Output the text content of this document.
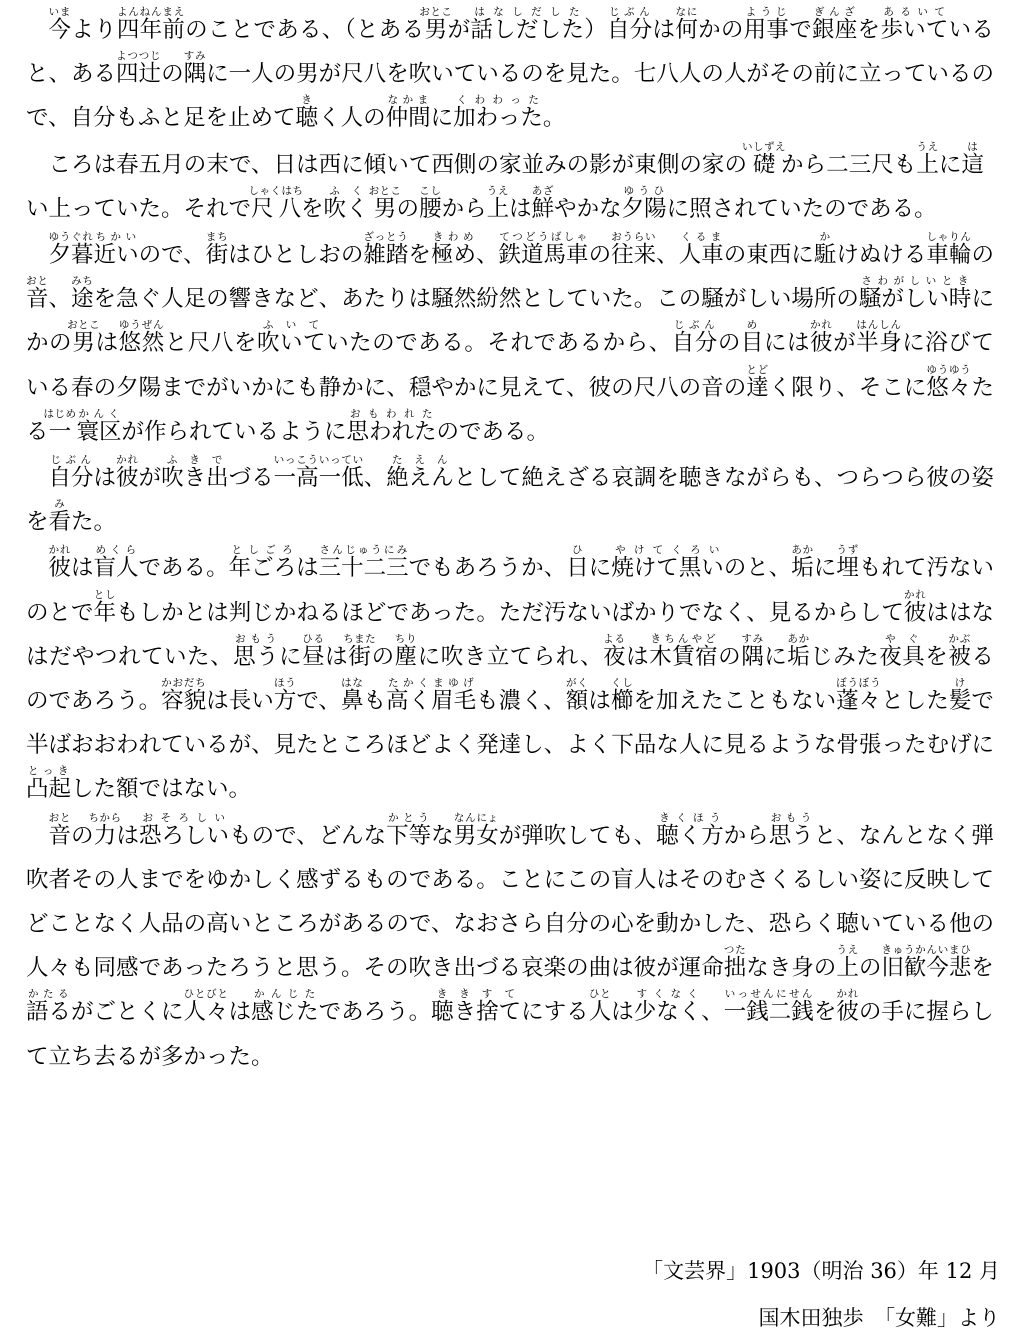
今いまより四年前よんねんまえのことである、（とある男おとこが話しだしたはなしだした）自分じぶんは何なにかの用事ようじで銀座ぎんざを歩いてあるいていると、ある四辻よつつじの隅すみに一人の男が尺八を吹いているのを見た。七八人の人がその前に立っているので、自分もふと足を止めて聴きく人の仲間なかまに加わったくわわった。

ころは春五月の末で、日は西に傾いて西側の家並みの影が東側の家の礎いしずえから二三尺も上うえに這はい上っていた。それで尺八しゃくはちを吹くふく男おとこの腰こしから上うえは鮮あざやかな夕陽ゆうひに照されていたのである。

夕暮ゆうぐれ近いちかいので、街まちはひとしおの雑踏ざっとうを極めきわめ、鉄道馬車てつどうばしゃの往来おうらい、人車くるまの東西に駈かけぬける車輪しゃりんの音おと、途みちを急ぐ人足の響きなど、あたりは騒然紛然としていた。この騒がしい場所の騒がしい時さわがしいときにかの男おとこは悠然ゆうぜんと尺八を吹いてふいていたのである。それであるから、自分じぶんの目めには彼かれが半身はんしんに浴びている春の夕陽までがいかにも静かに、穏やかに見えて、彼の尺八の音の達とどく限り、そこに悠々ゆうゆうたる一はじめ寰区かんくが作られているように思われたおもわれたのである。

自分じぶんは彼かれが吹き出ふきでづる一高一低いっこういってい、絶えんたえんとして絶えざる哀調を聴きながらも、つらつら彼の姿を看みた。

彼かれは盲人めくらである。年ごろとしごろは三十二三さんじゅうにみでもあろうか、日ひに焼けて黒いやけてくろいのと、垢あかに埋うずもれて汚ないのとで年としもしかとは判じかねるほどであった。ただ汚ないばかりでなく、見るからして彼かれははなはだやつれていた、思うおもうに昼ひるは街ちまたの塵ちりに吹き立てられ、夜よるは木賃宿きちんやどの隅すみに垢あかじみた夜具やぐを被かぶるのであろう。容貌かおだちは長い方ほうで、鼻はなも高く眉毛たかくまゆげも濃く、額がくは櫛くしを加えたこともない蓬々ぼうぼうとした髪けで半ばおおわれているが、見たところほどよく発達し、よく下品な人に見るような骨張ったむげに凸起とっきした額ではない。

音おとの力ちからは恐ろしいおそろしいもので、どんな下等かとうな男女なんにょが弾吹しても、聴く方きくほうから思うおもうと、なんとなく弾吹者その人までをゆかしく感ずるものである。ことにこの盲人はそのむさくるしい姿に反映してどことなく人品の高いところがあるので、なおさら自分の心を動かした、恐らく聴いている他の人々も同感であったろうと思う。その吹き出づる哀楽の曲は彼が運命拙つたなき身の上うえの旧歓今悲きゅうかんいまひを語るかたるがごとくに人々ひとびとは感じたかんじたであろう。聴き捨てききすてにする人ひとは少なくすくなく、一銭二銭いっせんにせんを彼かれの手に握らして立ち去るが多かった。

「文芸界」1903（明治 36）年 12 月
国木田独歩　「女難」より
